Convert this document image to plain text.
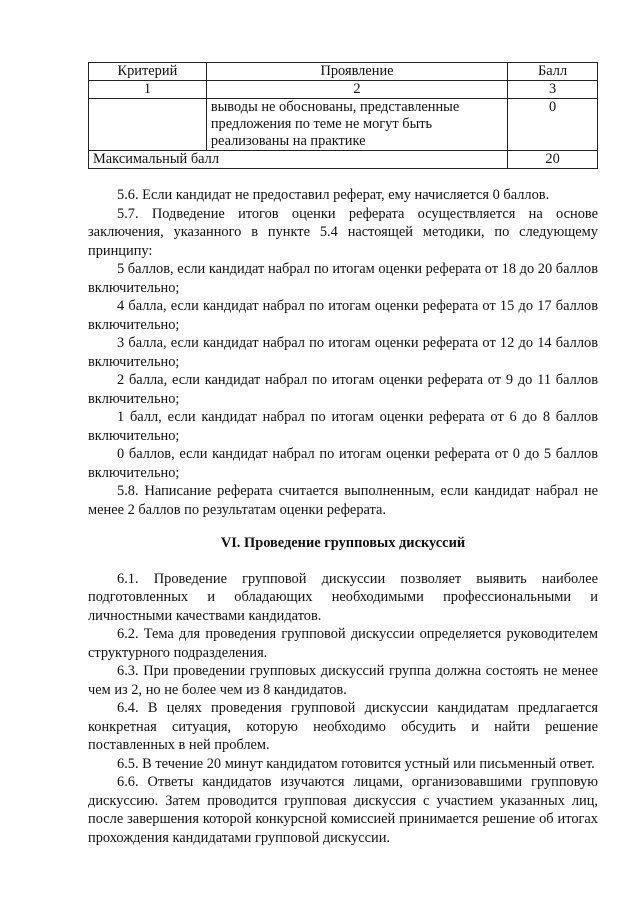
Критерий	Проявление	Балл
1	2	3
	выводы не обоснованы, представленные предложения по теме не могут быть реализованы на практике	0
Максимальный балл		20

5.6. Если кандидат не предоставил реферат, ему начисляется 0 баллов.

5.7. Подведение итогов оценки реферата осуществляется на основе заключения, указанного в пункте 5.4 настоящей методики, по следующему принципу:

5 баллов, если кандидат набрал по итогам оценки реферата от 18 до 20 баллов включительно;

4 балла, если кандидат набрал по итогам оценки реферата от 15 до 17 баллов включительно;

3 балла, если кандидат набрал по итогам оценки реферата от 12 до 14 баллов включительно;

2 балла, если кандидат набрал по итогам оценки реферата от 9 до 11 баллов включительно;

1 балл, если кандидат набрал по итогам оценки реферата от 6 до 8 баллов включительно;

0 баллов, если кандидат набрал по итогам оценки реферата от 0 до 5 баллов включительно;

5.8. Написание реферата считается выполненным, если кандидат набрал не менее 2 баллов по результатам оценки реферата.

VI. Проведение групповых дискуссий

6.1. Проведение групповой дискуссии позволяет выявить наиболее подготовленных и обладающих необходимыми профессиональными и личностными качествами кандидатов.

6.2. Тема для проведения групповой дискуссии определяется руководителем структурного подразделения.

6.3. При проведении групповых дискуссий группа должна состоять не менее чем из 2, но не более чем из 8 кандидатов.

6.4. В целях проведения групповой дискуссии кандидатам предлагается конкретная ситуация, которую необходимо обсудить и найти решение поставленных в ней проблем.

6.5. В течение 20 минут кандидатом готовится устный или письменный ответ.

6.6. Ответы кандидатов изучаются лицами, организовавшими групповую дискуссию. Затем проводится групповая дискуссия с участием указанных лиц, после завершения которой конкурсной комиссией принимается решение об итогах прохождения кандидатами групповой дискуссии.
